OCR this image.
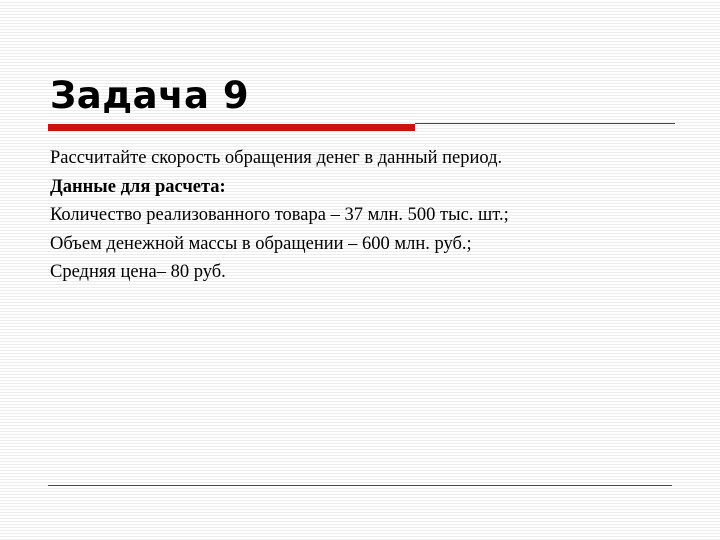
Задача 9
Рассчитайте скорость обращения денег в данный период.
Данные для расчета:
Количество реализованного товара – 37 млн. 500 тыс. шт.;
Объем денежной массы в обращении – 600 млн. руб.;
Средняя цена– 80 руб.
